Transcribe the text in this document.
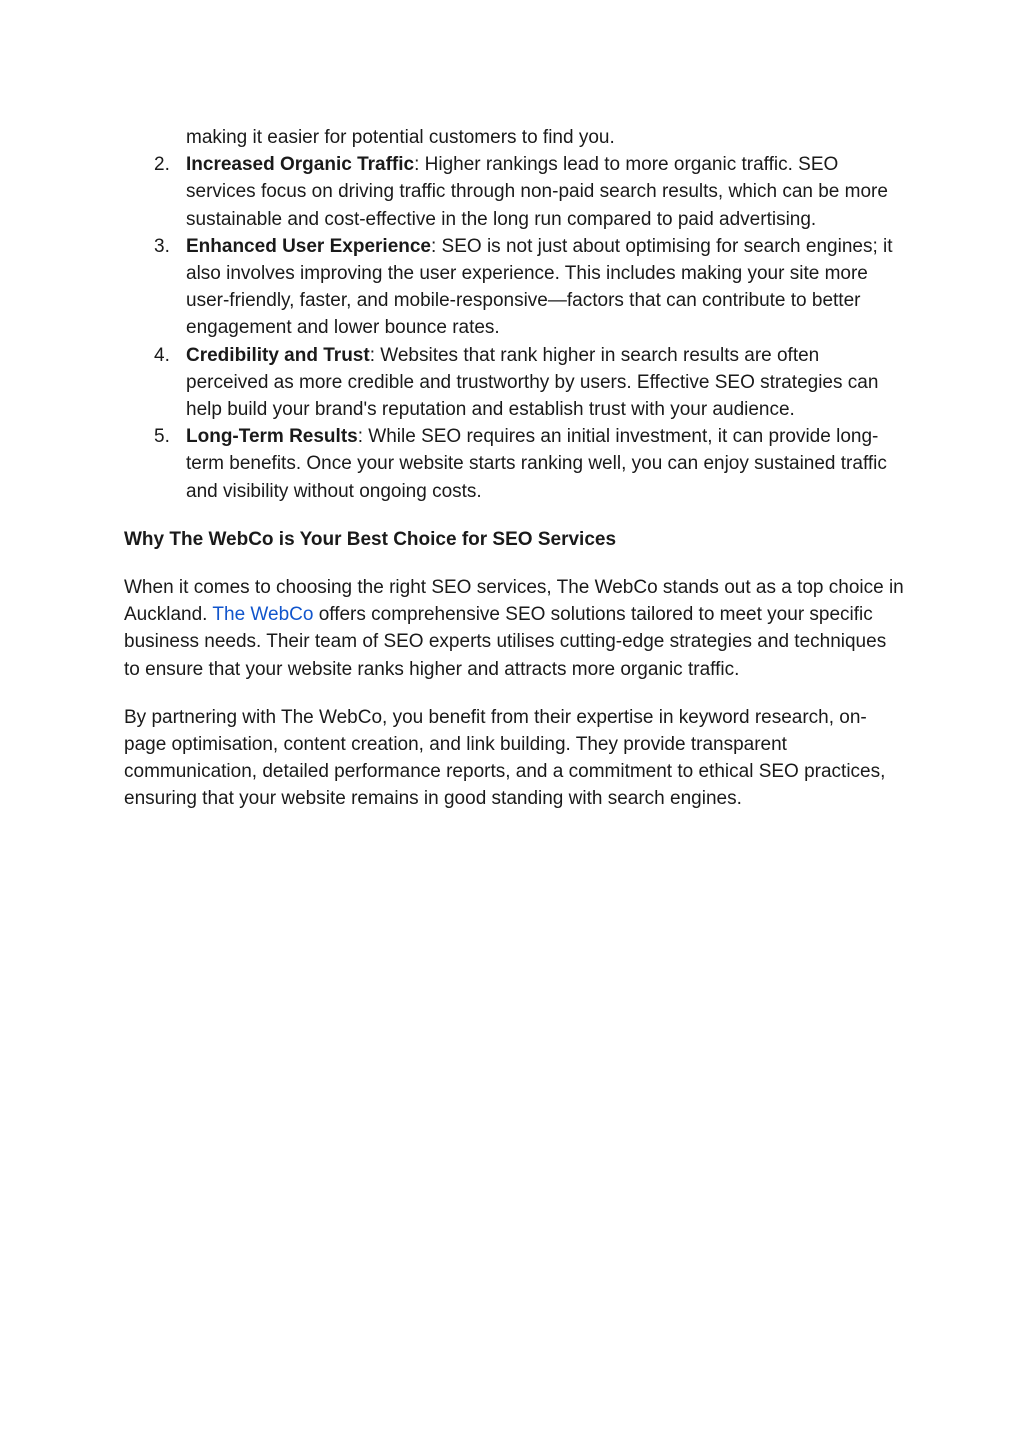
making it easier for potential customers to find you.

2. Increased Organic Traffic: Higher rankings lead to more organic traffic. SEO services focus on driving traffic through non-paid search results, which can be more sustainable and cost-effective in the long run compared to paid advertising.
3. Enhanced User Experience: SEO is not just about optimising for search engines; it also involves improving the user experience. This includes making your site more user-friendly, faster, and mobile-responsive—factors that can contribute to better engagement and lower bounce rates.
4. Credibility and Trust: Websites that rank higher in search results are often perceived as more credible and trustworthy by users. Effective SEO strategies can help build your brand's reputation and establish trust with your audience.
5. Long-Term Results: While SEO requires an initial investment, it can provide long-term benefits. Once your website starts ranking well, you can enjoy sustained traffic and visibility without ongoing costs.
Why The WebCo is Your Best Choice for SEO Services

When it comes to choosing the right SEO services, The WebCo stands out as a top choice in Auckland. The WebCo offers comprehensive SEO solutions tailored to meet your specific business needs. Their team of SEO experts utilises cutting-edge strategies and techniques to ensure that your website ranks higher and attracts more organic traffic.

By partnering with The WebCo, you benefit from their expertise in keyword research, on-page optimisation, content creation, and link building. They provide transparent communication, detailed performance reports, and a commitment to ethical SEO practices, ensuring that your website remains in good standing with search engines.
